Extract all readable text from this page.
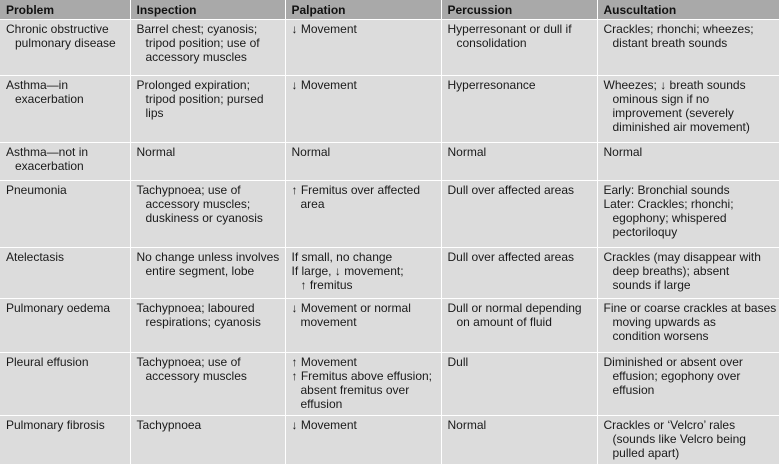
Problem	Inspection	Palpation	Percussion	Auscultation

Chronic obstructive
pulmonary disease	Barrel chest; cyanosis;
tripod position; use of
accessory muscles	↓ Movement	Hyperresonant or dull if
consolidation	Crackles; rhonchi; wheezes;
distant breath sounds

Asthma—in
exacerbation	Prolonged expiration;
tripod position; pursed
lips	↓ Movement	Hyperresonance	Wheezes; ↓ breath sounds
ominous sign if no
improvement (severely
diminished air movement)

Asthma—not in
exacerbation	Normal	Normal	Normal	Normal

Pneumonia	Tachypnoea; use of
accessory muscles;
duskiness or cyanosis	↑ Fremitus over affected
area	Dull over affected areas	Early: Bronchial sounds
Later: Crackles; rhonchi;
egophony; whispered
pectoriloquy

Atelectasis	No change unless involves
entire segment, lobe	If small, no change
If large, ↓ movement;
↑ fremitus	Dull over affected areas	Crackles (may disappear with
deep breaths); absent
sounds if large

Pulmonary oedema	Tachypnoea; laboured
respirations; cyanosis	↓ Movement or normal
movement	Dull or normal depending
on amount of fluid	Fine or coarse crackles at bases
moving upwards as
condition worsens

Pleural effusion	Tachypnoea; use of
accessory muscles	↑ Movement
↑ Fremitus above effusion;
absent fremitus over
effusion	Dull	Diminished or absent over
effusion; egophony over
effusion

Pulmonary fibrosis	Tachypnoea	↓ Movement	Normal	Crackles or ‘Velcro’ rales
(sounds like Velcro being
pulled apart)
